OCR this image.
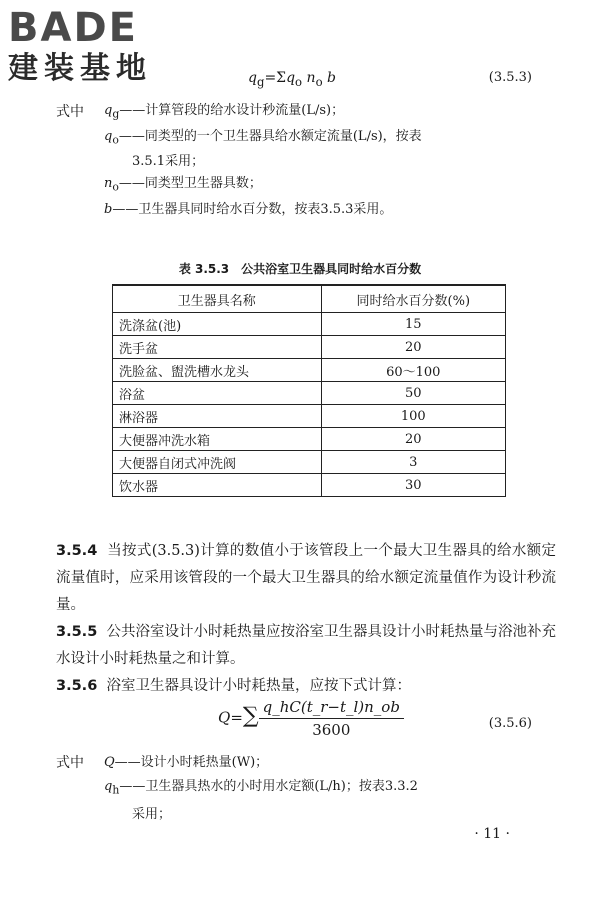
BADE
建装基地	$q_g=\Sigma q_o$ $n_o$ b	(3.5.3)
式中 $q_g——$计算管段的给水设计秒流量(L/s)；
$q_o——$同类型的一个卫生器具给水额定流量(L/s)，按表
3.5.1采用；
$n_o——$同类型卫生器具数；
b——卫生器具同时给水百分数，按表3.5.3采用。
表 3.5.3　公共浴室卫生器具同时给水百分数
卫生器具名称	同时给水百分数(%)
洗涤盆(池)	15
洗手盆	20
洗脸盆、盥洗槽水龙头	60～100
浴盆	50
淋浴器	100
大便器冲洗水箱	20
大便器自闭式冲洗阀	3
饮水器	30
3.5.4 当按式(3.5.3)计算的数值小于该管段上一个最大卫生器具的给水额定流量值时，应采用该管段的一个最大卫生器具的给水额定流量值作为设计秒流量。
3.5.5 公共浴室设计小时耗热量应按浴室卫生器具设计小时耗热量与浴池补充水设计小时耗热量之和计算。
3.5.6 浴室卫生器具设计小时耗热量，应按下式计算：
$Q=\sum \frac{q\_hC(t\_r-t\_l)n\_ob}{3600}$	(3.5.6)
式中 Q——设计小时耗热量(W)；
$q_h——$卫生器具热水的小时用水定额(L/h)；按表3.3.2
采用；
· 11 ·
